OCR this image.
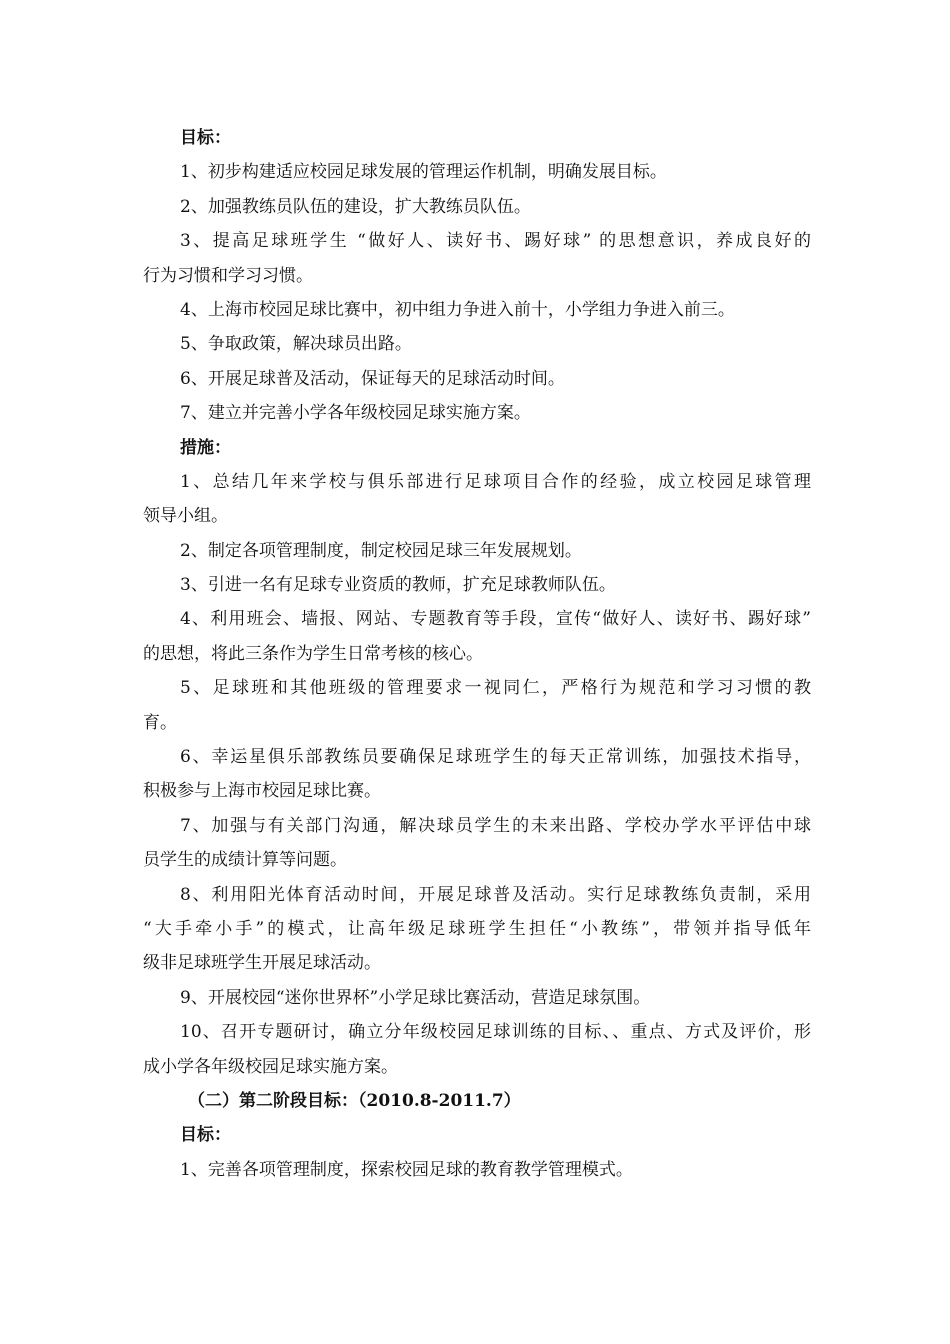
目标：
1、初步构建适应校园足球发展的管理运作机制，明确发展目标。
2、加强教练员队伍的建设，扩大教练员队伍。
3、提高足球班学生 “做好人、读好书、踢好球” 的思想意识，养成良好的
行为习惯和学习习惯。
4、上海市校园足球比赛中，初中组力争进入前十，小学组力争进入前三。
5、争取政策，解决球员出路。
6、开展足球普及活动，保证每天的足球活动时间。
7、建立并完善小学各年级校园足球实施方案。
措施：
1、总结几年来学校与俱乐部进行足球项目合作的经验，成立校园足球管理
领导小组。
2、制定各项管理制度，制定校园足球三年发展规划。
3、引进一名有足球专业资质的教师，扩充足球教师队伍。
4、利用班会、墙报、网站、专题教育等手段，宣传“做好人、读好书、踢好球”
的思想，将此三条作为学生日常考核的核心。
5、足球班和其他班级的管理要求一视同仁，严格行为规范和学习习惯的教
育。
6、幸运星俱乐部教练员要确保足球班学生的每天正常训练，加强技术指导，
积极参与上海市校园足球比赛。
7、加强与有关部门沟通，解决球员学生的未来出路、学校办学水平评估中球
员学生的成绩计算等问题。
8、利用阳光体育活动时间，开展足球普及活动。实行足球教练负责制，采用
“大手牵小手”的模式，让高年级足球班学生担任“小教练”，带领并指导低年
级非足球班学生开展足球活动。
9、开展校园“迷你世界杯”小学足球比赛活动，营造足球氛围。
10、召开专题研讨，确立分年级校园足球训练的目标、、重点、方式及评价，形
成小学各年级校园足球实施方案。
（二）第二阶段目标：（2010.8-2011.7）
目标：
1、完善各项管理制度，探索校园足球的教育教学管理模式。
